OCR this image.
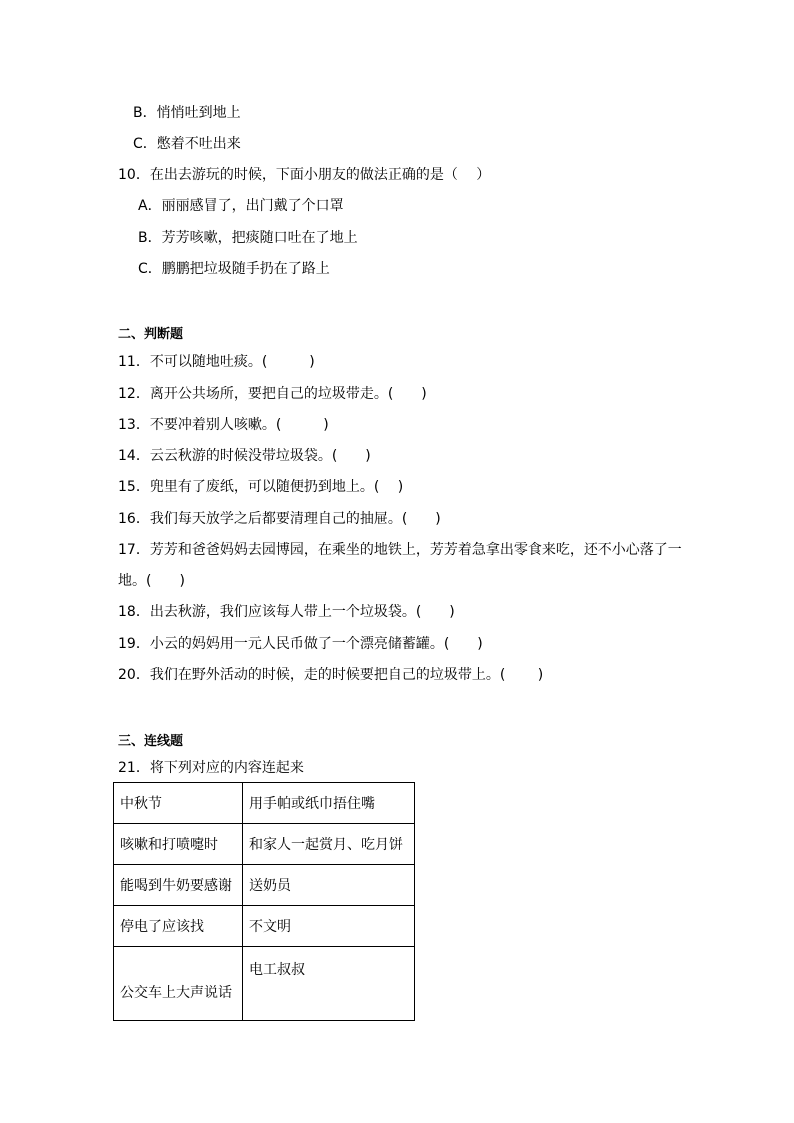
B．悄悄吐到地上
C．憋着不吐出来
10．在出去游玩的时候，下面小朋友的做法正确的是（　 ）
A．丽丽感冒了，出门戴了个口罩
B．芳芳咳嗽，把痰随口吐在了地上
C．鹏鹏把垃圾随手扔在了路上
二、判断题
11．不可以随地吐痰。(　　　)
12．离开公共场所，要把自己的垃圾带走。(　　)
13．不要冲着别人咳嗽。(　　　)
14．云云秋游的时候没带垃圾袋。(　　)
15．兜里有了废纸，可以随便扔到地上。(　 )
16．我们每天放学之后都要清理自己的抽屉。(　　)
17．芳芳和爸爸妈妈去园博园，在乘坐的地铁上，芳芳着急拿出零食来吃，还不小心落了一
地。(　　)
18．出去秋游，我们应该每人带上一个垃圾袋。(　　)
19．小云的妈妈用一元人民币做了一个漂亮储蓄罐。(　　)
20．我们在野外活动的时候，走的时候要把自己的垃圾带上。(　　 )
三、连线题
21．将下列对应的内容连起来
中秋节	用手帕或纸巾捂住嘴
咳嗽和打喷嚏时	和家人一起赏月、吃月饼
能喝到牛奶要感谢	送奶员
停电了应该找	不文明
公交车上大声说话	电工叔叔
